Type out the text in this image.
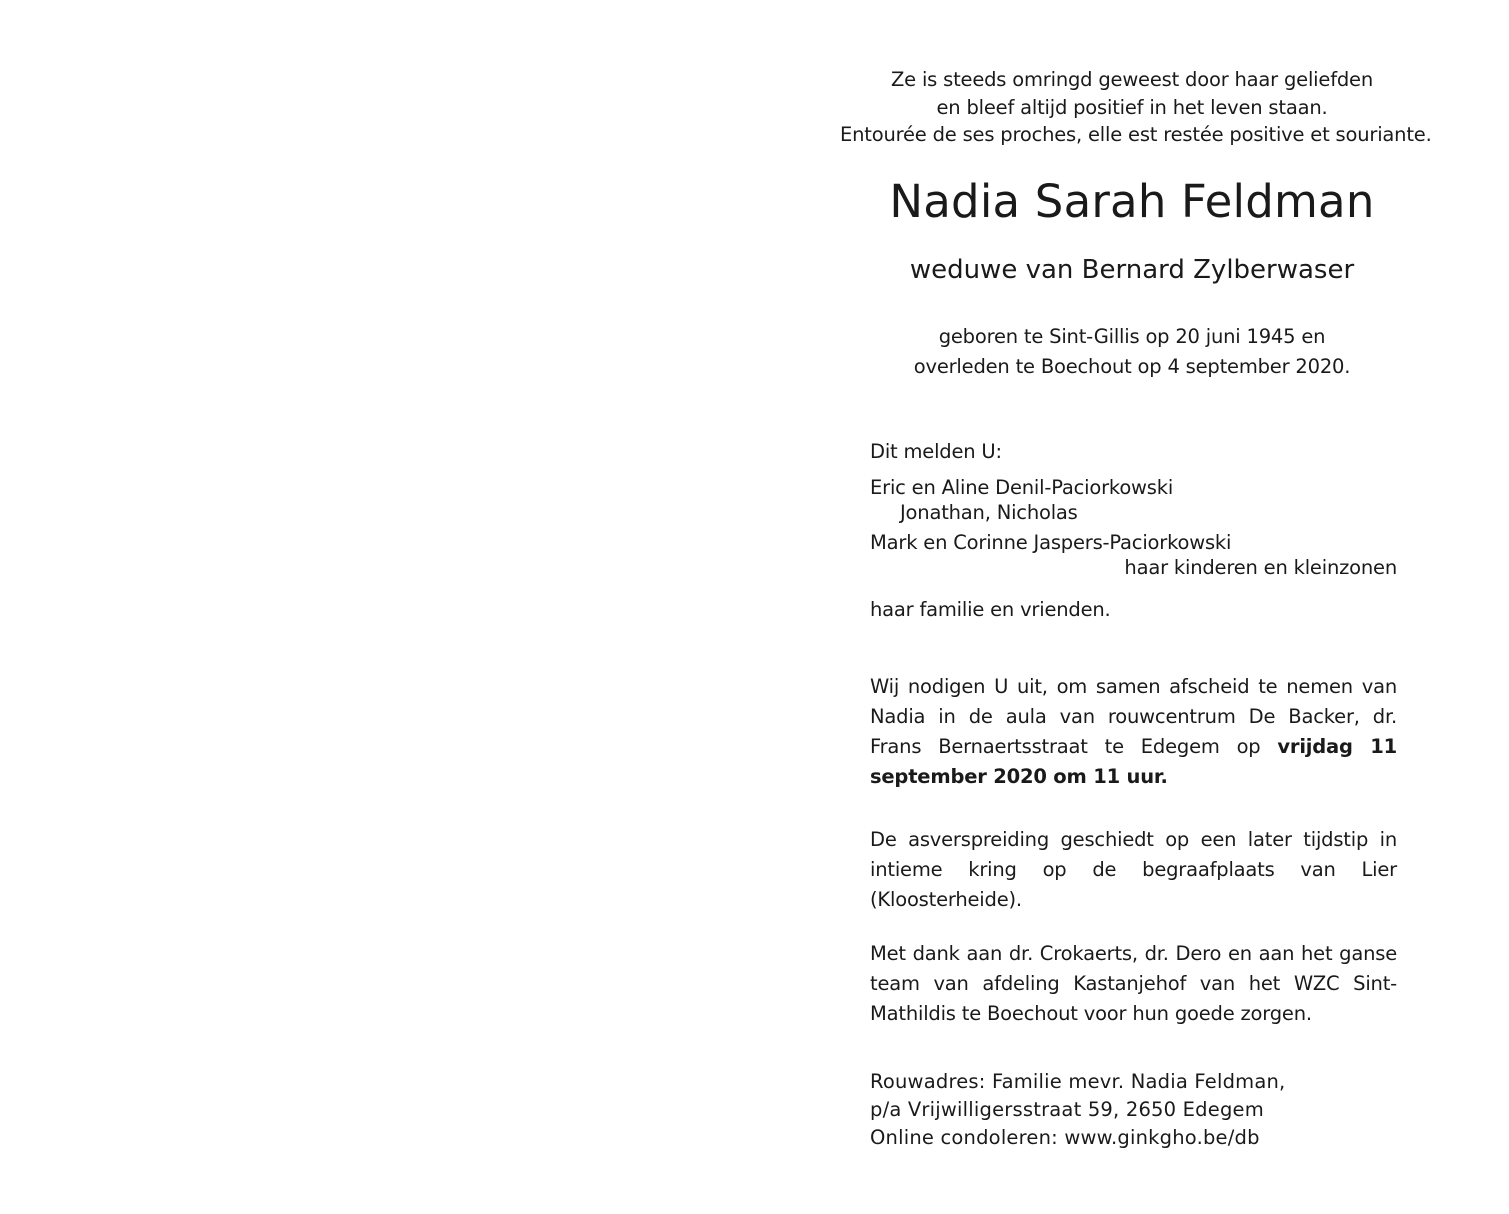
Ze is steeds omringd geweest door haar geliefden
en bleef altijd positief in het leven staan.
Entourée de ses proches, elle est restée positive et souriante.
Nadia Sarah Feldman
weduwe van Bernard Zylberwaser
geboren te Sint-Gillis op 20 juni 1945 en
overleden te Boechout op 4 september 2020.
Dit melden U:
Eric en Aline Denil-Paciorkowski
Jonathan, Nicholas
Mark en Corinne Jaspers-Paciorkowski
haar kinderen en kleinzonen
haar familie en vrienden.
Wij nodigen U uit, om samen afscheid te nemen van Nadia in de aula van rouwcentrum De Backer, dr. Frans Bernaertsstraat te Edegem op vrijdag 11 september 2020 om 11 uur.
De asverspreiding geschiedt op een later tijdstip in intieme kring op de begraafplaats van Lier (Kloosterheide).
Met dank aan dr. Crokaerts, dr. Dero en aan het ganse team van afdeling Kastanjehof van het WZC Sint-Mathildis te Boechout voor hun goede zorgen.
Rouwadres: Familie mevr. Nadia Feldman,
p/a Vrijwilligersstraat 59, 2650 Edegem
Online condoleren: www.ginkgho.be/db
